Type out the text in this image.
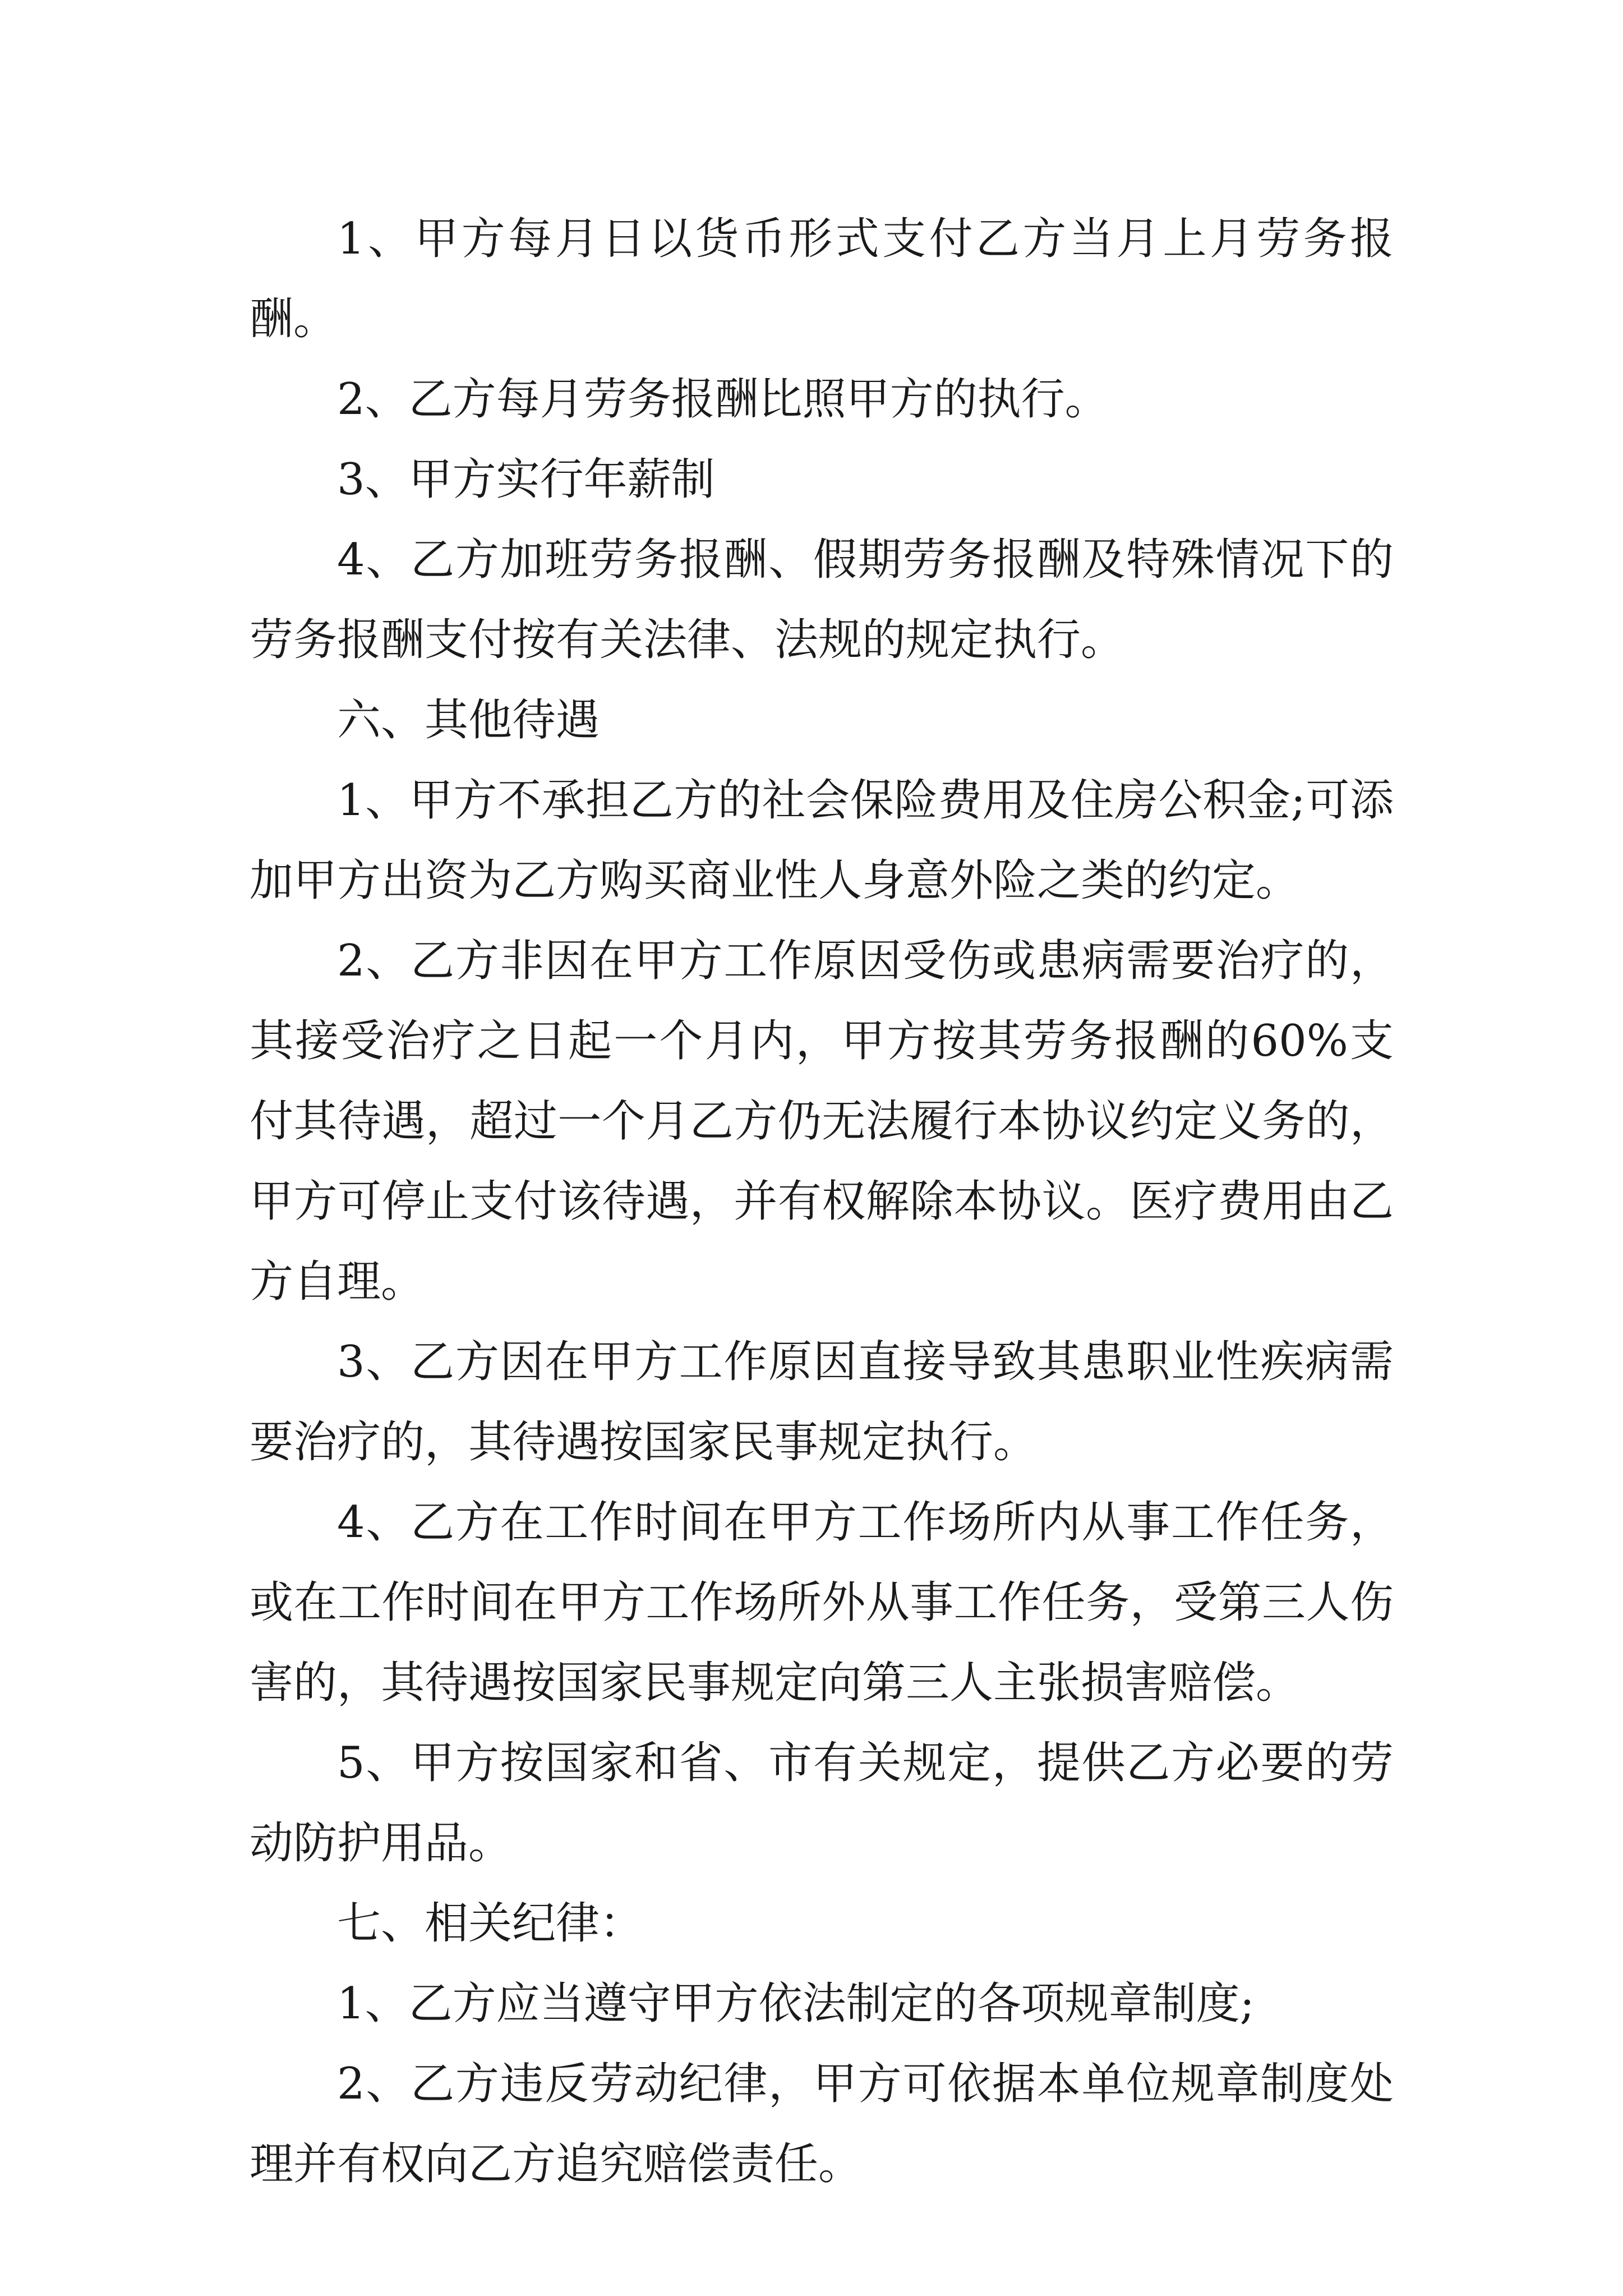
1、甲方每月日以货币形式支付乙方当月上月劳务报酬。

2、乙方每月劳务报酬比照甲方的执行。

3、甲方实行年薪制

4、乙方加班劳务报酬、假期劳务报酬及特殊情况下的劳务报酬支付按有关法律、法规的规定执行。

六、其他待遇

1、甲方不承担乙方的社会保险费用及住房公积金;可添加甲方出资为乙方购买商业性人身意外险之类的约定。

2、乙方非因在甲方工作原因受伤或患病需要治疗的，其接受治疗之日起一个月内，甲方按其劳务报酬的60%支付其待遇，超过一个月乙方仍无法履行本协议约定义务的，甲方可停止支付该待遇，并有权解除本协议。医疗费用由乙方自理。

3、乙方因在甲方工作原因直接导致其患职业性疾病需要治疗的，其待遇按国家民事规定执行。

4、乙方在工作时间在甲方工作场所内从事工作任务，或在工作时间在甲方工作场所外从事工作任务，受第三人伤害的，其待遇按国家民事规定向第三人主张损害赔偿。

5、甲方按国家和省、市有关规定，提供乙方必要的劳动防护用品。

七、相关纪律：

1、乙方应当遵守甲方依法制定的各项规章制度;

2、乙方违反劳动纪律，甲方可依据本单位规章制度处理并有权向乙方追究赔偿责任。
